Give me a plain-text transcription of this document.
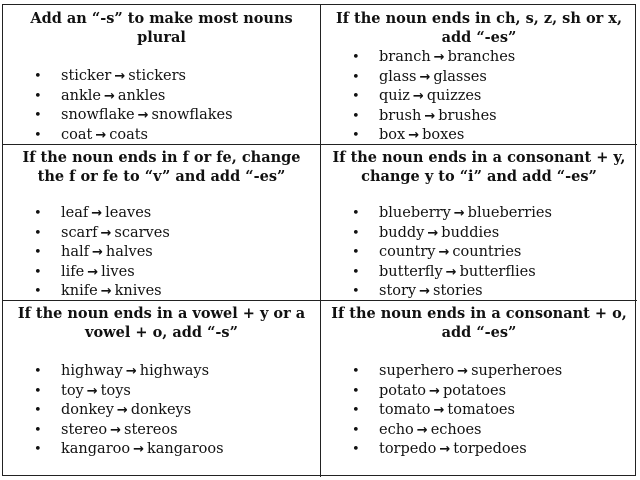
Add an “-s” to make most nouns plural

• sticker → stickers
• ankle → ankles
• snowflake → snowflakes
• coat → coats

If the noun ends in ch, s, z, sh or x, add “-es”

• branch → branches
• glass → glasses
• quiz → quizzes
• brush → brushes
• box → boxes

If the noun ends in f or fe, change the f or fe to “v” and add “-es”

• leaf → leaves
• scarf → scarves
• half → halves
• life → lives
• knife → knives

If the noun ends in a consonant + y, change y to “i” and add “-es”

• blueberry → blueberries
• buddy → buddies
• country → countries
• butterfly → butterflies
• story → stories

If the noun ends in a vowel + y or a vowel + o, add “-s”

• highway → highways
• toy → toys
• donkey → donkeys
• stereo → stereos
• kangaroo → kangaroos

If the noun ends in a consonant + o, add “-es”

• superhero → superheroes
• potato → potatoes
• tomato → tomatoes
• echo → echoes
• torpedo → torpedoes
